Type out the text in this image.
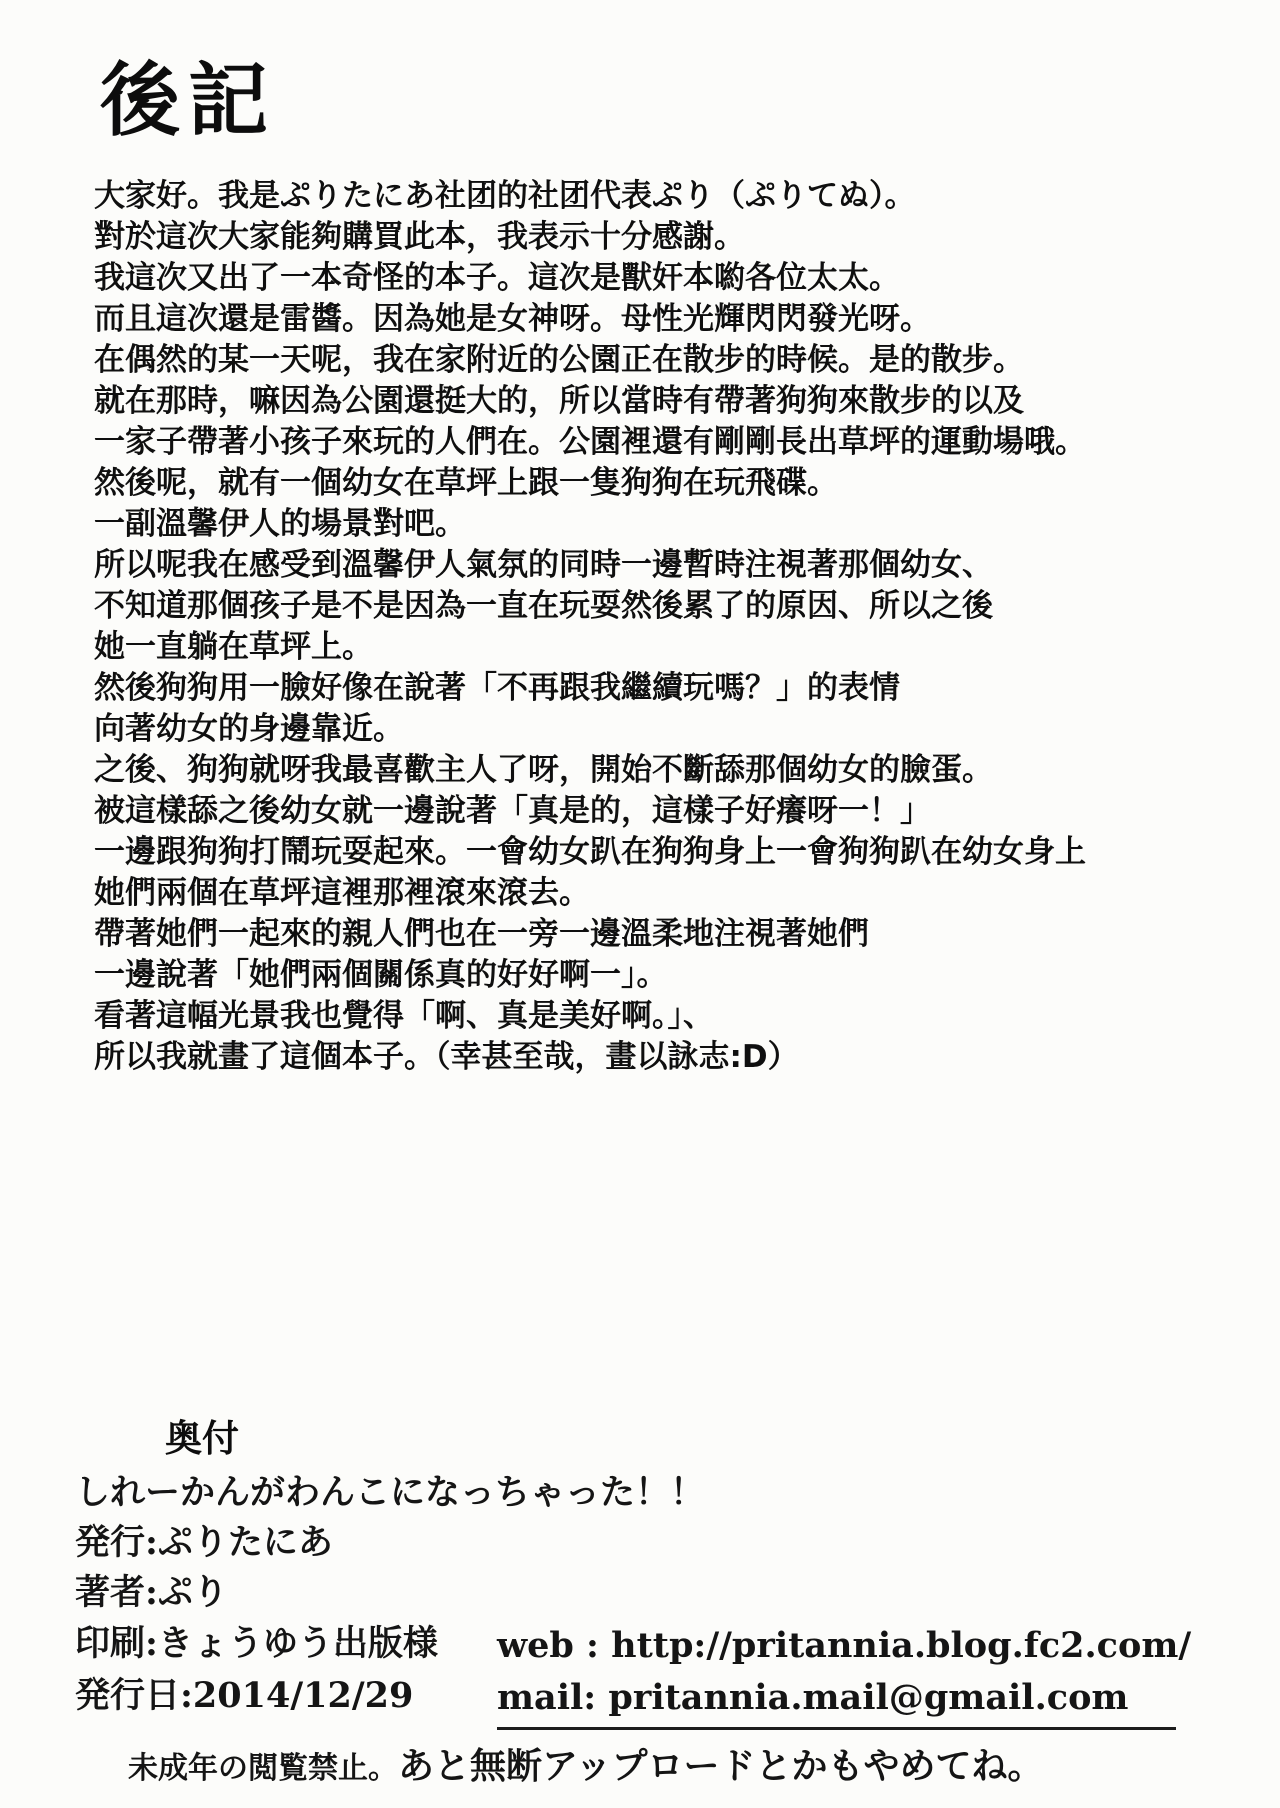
後記

大家好。我是ぷりたにあ社团的社团代表ぷり（ぷりてぬ）。
對於這次大家能夠購買此本，我表示十分感謝。
我這次又出了一本奇怪的本子。這次是獸奸本喲各位太太。
而且這次還是雷醬。因為她是女神呀。母性光輝閃閃發光呀。

在偶然的某一天呢，我在家附近的公園正在散步的時候。是的散步。
就在那時，嘛因為公園還挺大的，所以當時有帶著狗狗來散步的以及
一家子帶著小孩子來玩的人們在。公園裡還有剛剛長出草坪的運動場哦。
然後呢，就有一個幼女在草坪上跟一隻狗狗在玩飛碟。
一副溫馨伊人的場景對吧。

所以呢我在感受到溫馨伊人氣氛的同時一邊暫時注視著那個幼女、
不知道那個孩子是不是因為一直在玩耍然後累了的原因、所以之後
她一直躺在草坪上。
然後狗狗用一臉好像在說著「不再跟我繼續玩嗎？」的表情
向著幼女的身邊靠近。

之後、狗狗就呀我最喜歡主人了呀，開始不斷舔那個幼女的臉蛋。
被這樣舔之後幼女就一邊說著「真是的，這樣子好癢呀一！」
一邊跟狗狗打鬧玩耍起來。一會幼女趴在狗狗身上一會狗狗趴在幼女身上
她們兩個在草坪這裡那裡滾來滾去。
帶著她們一起來的親人們也在一旁一邊溫柔地注視著她們
一邊說著「她們兩個關係真的好好啊一」。

看著這幅光景我也覺得「啊、真是美好啊。」、
所以我就畫了這個本子。（幸甚至哉，畫以詠志:D）

奥付
しれーかんがわんこになっちゃった！！
発行:ぷりたにあ
著者:ぷり
印刷:きょうゆう出版様 web : http://pritannia.blog.fc2.com/
発行日:2014/12/29 mail: pritannia.mail@gmail.com
未成年の閲覧禁止。あと無断アップロードとかもやめてね。
